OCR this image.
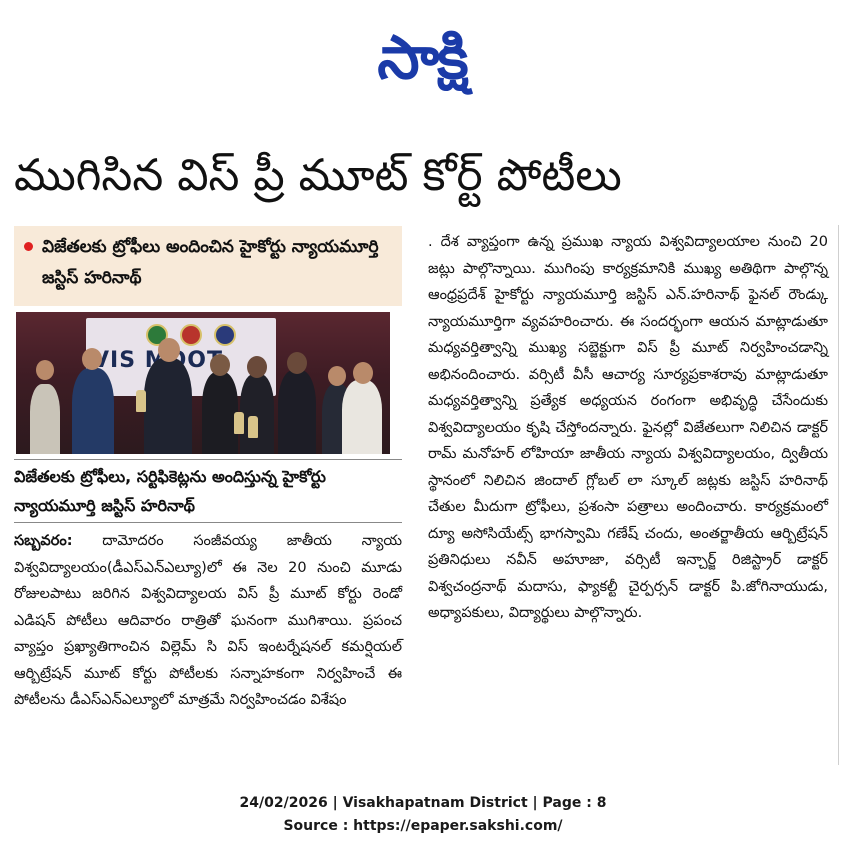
సాక్షి
ముగిసిన విస్ ప్రీ మూట్ కోర్ట్ పోటీలు
విజేతలకు ట్రోఫీలు అందించిన హైకోర్టు న్యాయమూర్తి జస్టిస్ హరినాథ్
VIS MOOT
విజేతలకు ట్రోఫీలు, సర్టిఫికెట్లను అందిస్తున్న హైకోర్టు న్యాయమూర్తి జస్టిస్ హరినాథ్
సబ్బవరం: దామోదరం సంజీవయ్య జాతీయ న్యాయ విశ్వవిద్యాలయం(డీఎస్ఎన్ఎల్యూ)లో ఈ నెల 20 నుంచి మూడు రోజులపాటు జరిగిన విశ్వవిద్యాలయ విస్ ప్రీ మూట్ కోర్టు రెండో ఎడిషన్ పోటీలు ఆదివారం రాత్రితో ఘనంగా ముగిశాయి. ప్రపంచ వ్యాప్తం ప్రఖ్యాతిగాంచిన విల్లెమ్ సి విస్ ఇంటర్నేషనల్ కమర్షియల్ ఆర్బిట్రేషన్ మూట్ కోర్టు పోటీలకు సన్నాహకంగా నిర్వహించే ఈ పోటీలను డీఎస్ఎన్ఎల్యూలో మాత్రమే నిర్వహించడం విశేషం
. దేశ వ్యాప్తంగా ఉన్న ప్రముఖ న్యాయ విశ్వవిద్యాలయాల నుంచి 20 జట్లు పాల్గొన్నాయి. ముగింపు కార్యక్రమానికి ముఖ్య అతిథిగా పాల్గొన్న ఆంధ్రప్రదేశ్ హైకోర్టు న్యాయమూర్తి జస్టిస్ ఎన్.హరినాథ్ ఫైనల్ రౌండ్కు న్యాయమూర్తిగా వ్యవహరించారు. ఈ సందర్భంగా ఆయన మాట్లాడుతూ మధ్యవర్తిత్వాన్ని ముఖ్య సబ్జెక్టుగా విస్ ప్రీ మూట్ నిర్వహించడాన్ని అభినందించారు. వర్సిటీ వీసీ ఆచార్య సూర్యప్రకాశరావు మాట్లాడుతూ మధ్యవర్తిత్వాన్ని ప్రత్యేక అధ్యయన రంగంగా అభివృద్ధి చేసేందుకు విశ్వవిద్యాలయం కృషి చేస్తోందన్నారు. ఫైనల్లో విజేతలుగా నిలిచిన డాక్టర్ రామ్ మనోహర్ లోహియా జాతీయ న్యాయ విశ్వవిద్యాలయం, ద్వితీయ స్థానంలో నిలిచిన జిందాల్ గ్లోబల్ లా స్కూల్ జట్లకు జస్టిస్ హరినాథ్ చేతుల మీదుగా ట్రోఫీలు, ప్రశంసా పత్రాలు అందించారు. కార్యక్రమంలో ద్యూ అసోసియేట్స్ భాగస్వామి గణేష్ చందు, అంతర్జాతీయ ఆర్బిట్రేషన్ ప్రతినిధులు నవీన్ అహూజా, వర్సిటీ ఇన్చార్జ్ రిజిస్ట్రార్ డాక్టర్ విశ్వచంద్రనాథ్ మదాసు, ఫ్యాకల్టీ చైర్పర్సన్ డాక్టర్ పి.జోగినాయుడు, అధ్యాపకులు, విద్యార్థులు పాల్గొన్నారు.
24/02/2026 | Visakhapatnam District | Page : 8
Source : https://epaper.sakshi.com/
